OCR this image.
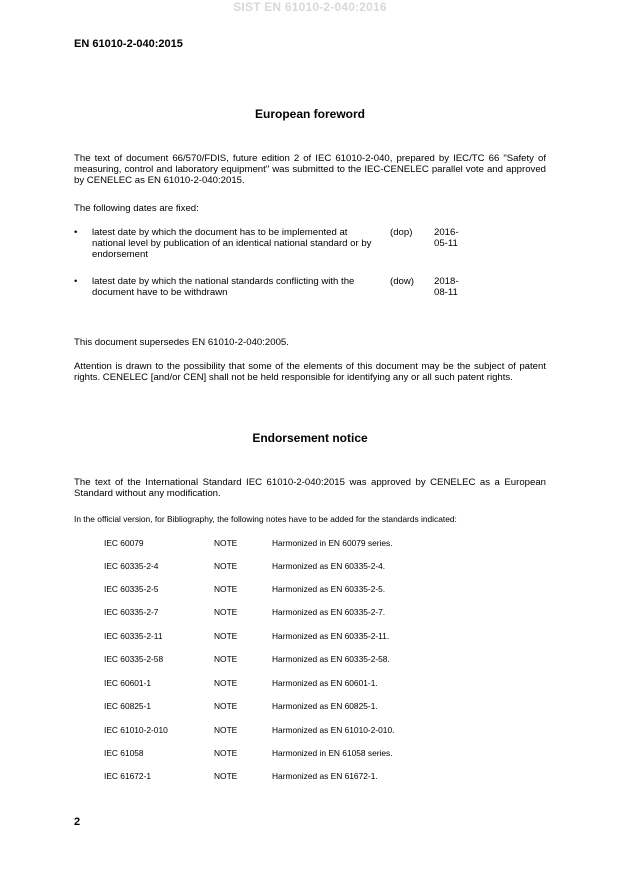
SIST EN 61010-2-040:2016
EN 61010-2-040:2015
European foreword
The text of document 66/570/FDIS, future edition 2 of IEC 61010-2-040, prepared by IEC/TC 66 "Safety of measuring, control and laboratory equipment" was submitted to the IEC-CENELEC parallel vote and approved by CENELEC as EN 61010-2-040:2015.
The following dates are fixed:
• latest date by which the document has to be implemented at national level by publication of an identical national standard or by endorsement
(dop) 2016-05-11
• latest date by which the national standards conflicting with the document have to be withdrawn
(dow) 2018-08-11
This document supersedes EN 61010-2-040:2005.
Attention is drawn to the possibility that some of the elements of this document may be the subject of patent rights. CENELEC [and/or CEN] shall not be held responsible for identifying any or all such patent rights.
Endorsement notice
The text of the International Standard IEC 61010-2-040:2015 was approved by CENELEC as a European Standard without any modification.
In the official version, for Bibliography, the following notes have to be added for the standards indicated:
IEC 60079	NOTE	Harmonized in EN 60079 series.
IEC 60335-2-4	NOTE	Harmonized as EN 60335-2-4.
IEC 60335-2-5	NOTE	Harmonized as EN 60335-2-5.
IEC 60335-2-7	NOTE	Harmonized as EN 60335-2-7.
IEC 60335-2-11	NOTE	Harmonized as EN 60335-2-11.
IEC 60335-2-58	NOTE	Harmonized as EN 60335-2-58.
IEC 60601-1	NOTE	Harmonized as EN 60601-1.
IEC 60825-1	NOTE	Harmonized as EN 60825-1.
IEC 61010-2-010	NOTE	Harmonized as EN 61010-2-010.
IEC 61058	NOTE	Harmonized in EN 61058 series.
IEC 61672-1	NOTE	Harmonized as EN 61672-1.
2
